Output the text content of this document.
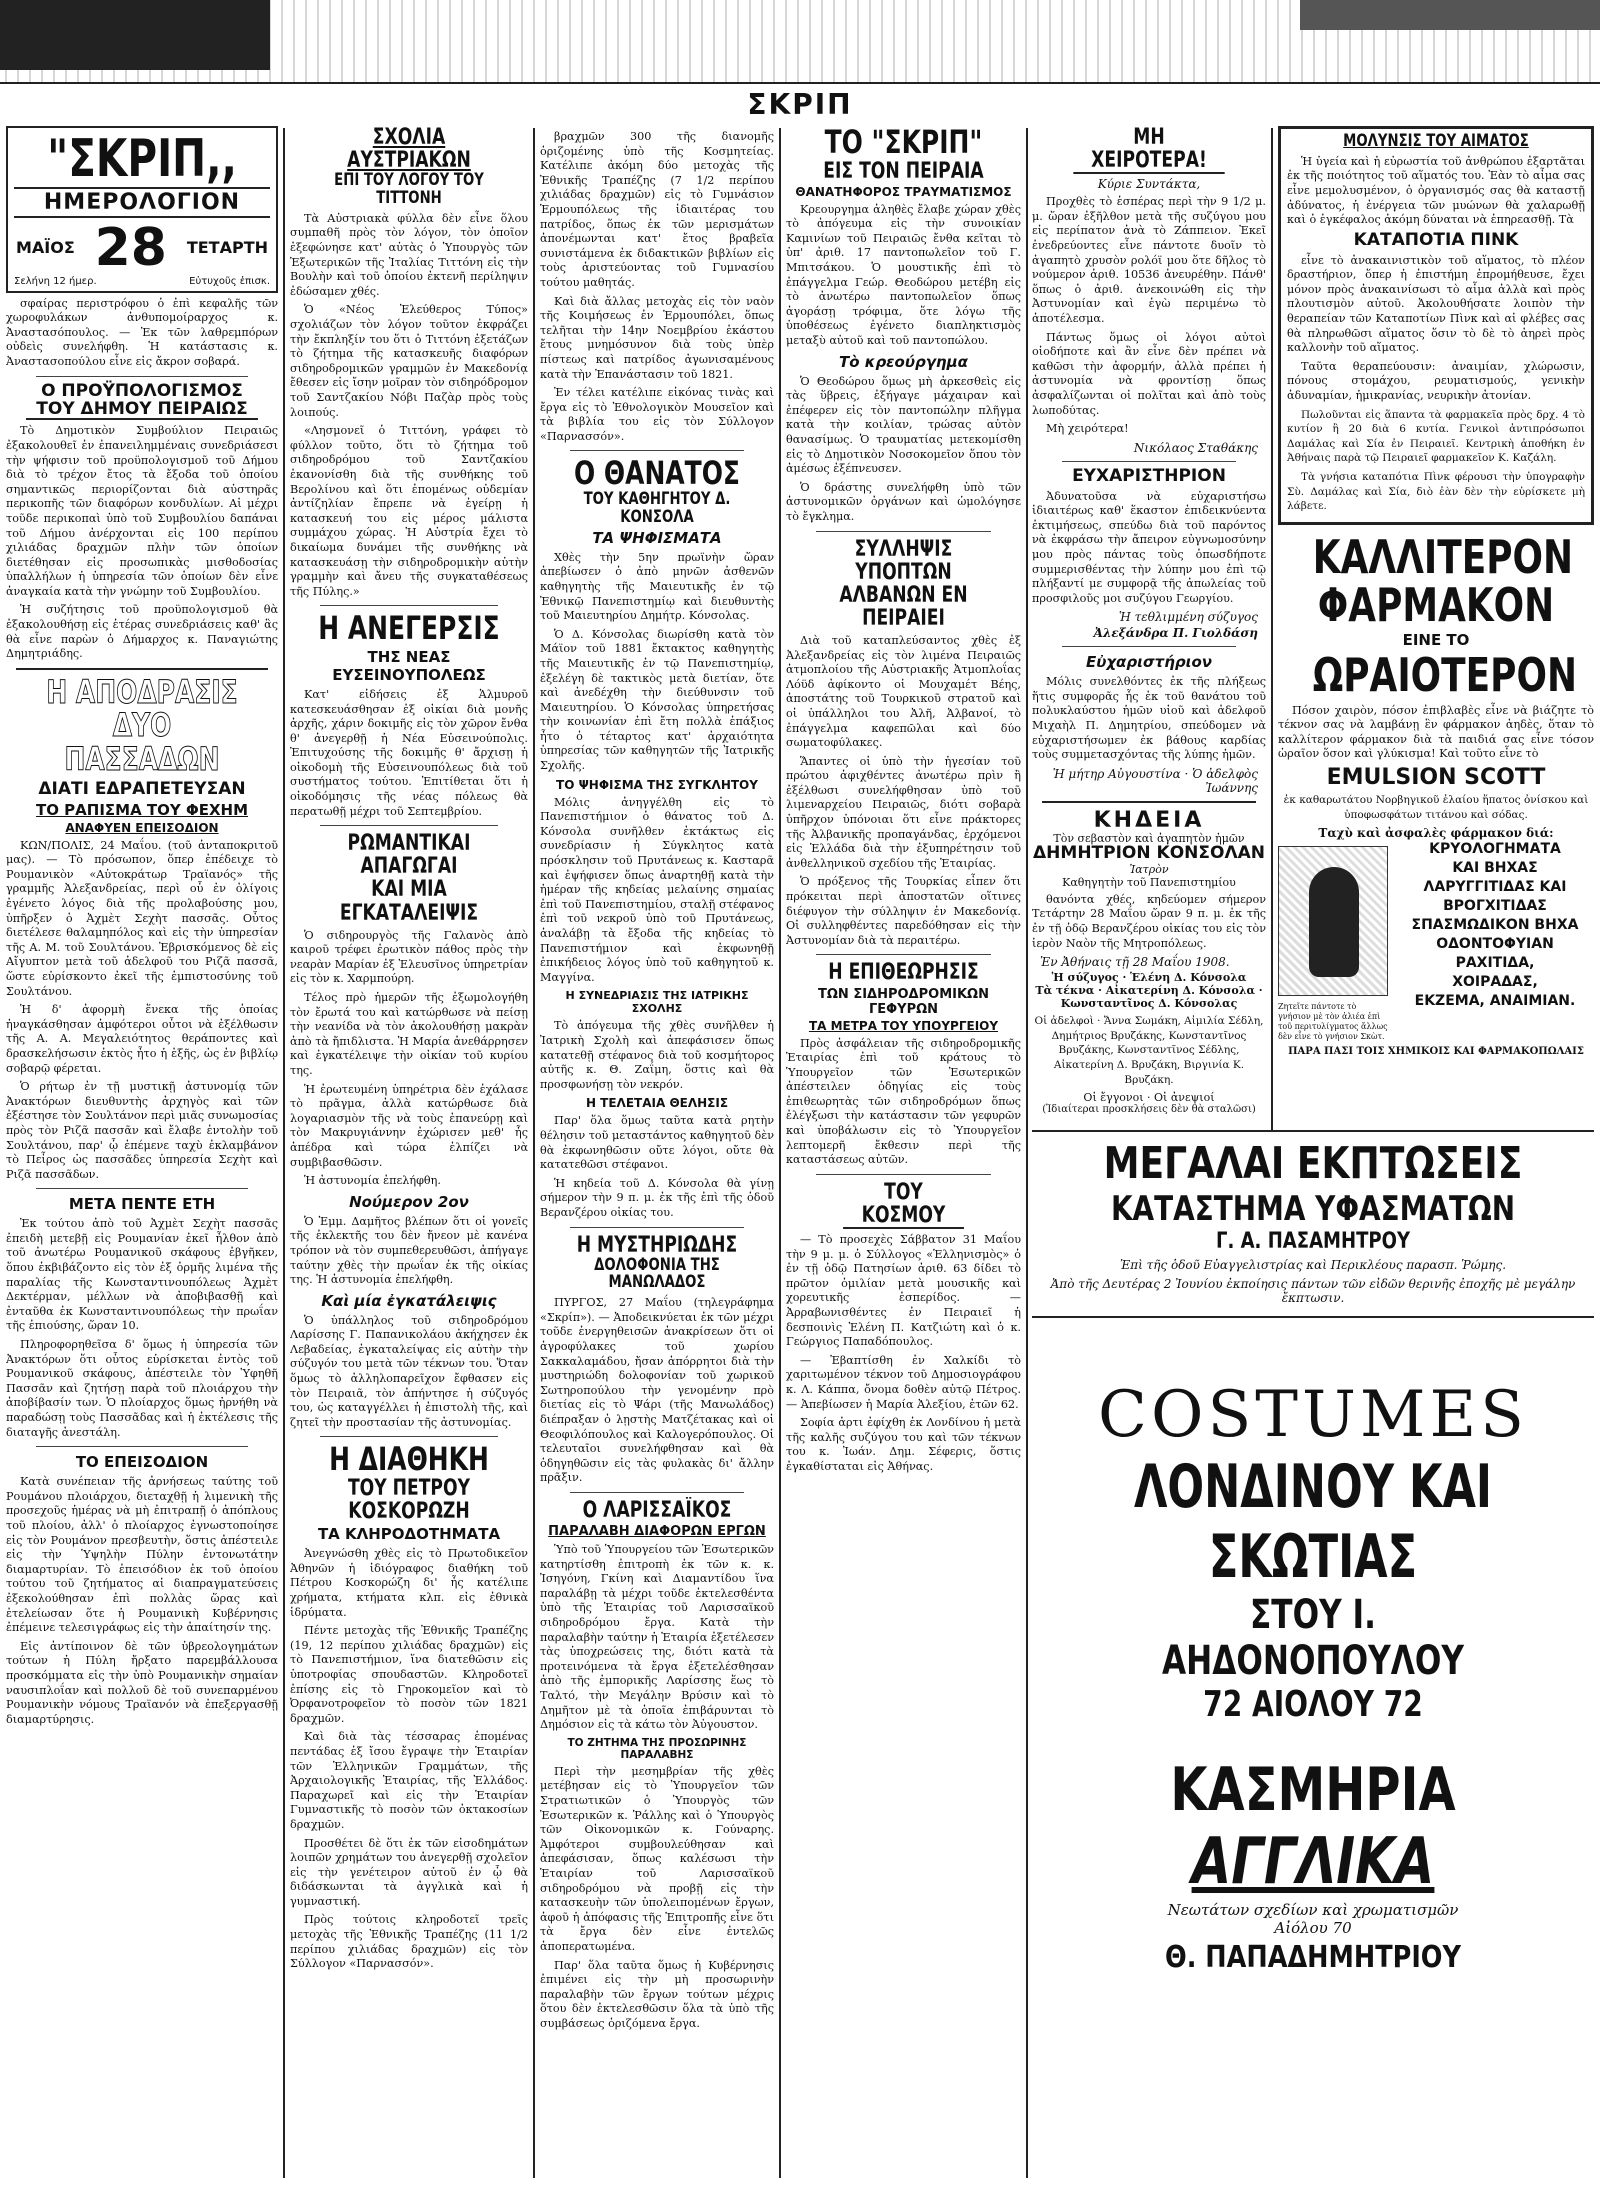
ΣΚΡΙΠ
"ΣΚΡΙΠ,,
ΗΜΕΡΟΛΟΓΙΟΝ
ΜΑΪΟΣ 28 ΤΕΤΑΡΤΗ
Σελήνη 12 ήμερ.	Εὐτυχοῦς ἐπισκ.

σφαίρας περιστρόφου ὁ ἐπὶ κεφαλῆς τῶν χωροφυλάκων ἀνθυπομοίραρχος κ. Ἀναστασόπουλος. — Ἐκ τῶν λαθρεμπόρων οὐδεὶς συνελήφθη. Ἡ κατάστασις κ. Ἀναστασοπούλου εἶνε εἰς ἄκρον σοβαρά.

Ο ΠΡΟΫΠΟΛΟΓΙΣΜΟΣ
ΤΟΥ ΔΗΜΟΥ ΠΕΙΡΑΙΩΣ

Τὸ Δημοτικὸν Συμβούλιον Πειραιῶς ἐξακολουθεῖ ἐν ἐπανειλημμέναις συνεδριάσεσι τὴν ψήφισιν τοῦ προϋπολογισμοῦ τοῦ Δήμου διὰ τὸ τρέχον ἔτος τὰ ἔξοδα τοῦ ὁποίου σημαντικῶς περιορίζονται διὰ αὐστηρᾶς περικοπῆς τῶν διαφόρων κονδυλίων. Αἱ μέχρι τοῦδε περικοπαὶ ὑπὸ τοῦ Συμβουλίου δαπάναι τοῦ Δήμου ἀνέρχονται εἰς 100 περίπου χιλιάδας δραχμῶν πλὴν τῶν ὁποίων διετέθησαν εἰς προσωπικὰς μισθοδοσίας ὑπαλλήλων ἡ ὑπηρεσία τῶν ὁποίων δὲν εἶνε ἀναγκαία κατὰ τὴν γνώμην τοῦ Συμβουλίου.

Ἡ συζήτησις τοῦ προϋπολογισμοῦ θὰ ἐξακολουθήσῃ εἰς ἑτέρας συνεδριάσεις καθ' ἃς θὰ εἶνε παρὼν ὁ Δήμαρχος κ. Παναγιώτης Δημητριάδης.

Η ΑΠΟΔΡΑΣΙΣ
ΔΥΟ ΠΑΣΣΑΔΩΝ
ΔΙΑΤΙ ΕΔΡΑΠΕΤΕΥΣΑΝ
ΤΟ ΡΑΠΙΣΜΑ ΤΟΥ ΦΕΧΗΜ
ΑΝΑΦΥΕΝ ΕΠΕΙΣΟΔΙΟΝ

ΚΩΝ/ΠΟΛΙΣ, 24 Μαΐου. (τοῦ ἀνταποκριτοῦ μας). — Τὸ πρόσωπον, ὅπερ ἐπέδειχε τὸ Ρουμανικὸν «Αὐτοκράτωρ Τραϊανός» τῆς γραμμῆς Ἀλεξανδρείας, περὶ οὗ ἐν ὀλίγοις ἐγένετο λόγος διὰ τῆς προλαβούσης μου, ὑπῆρξεν ὁ Ἀχμὲτ Σεχὴτ πασσᾶς. Οὗτος διετέλεσε θαλαμηπόλος καὶ εἰς τὴν ὑπηρεσίαν τῆς Α. Μ. τοῦ Σουλτάνου. Ἐβρισκόμενος δὲ εἰς Αἴγυπτον μετὰ τοῦ ἀδελφοῦ του Ριζᾶ πασσᾶ, ὥστε εὑρίσκοντο ἐκεῖ τῆς ἐμπιστοσύνης τοῦ Σουλτάνου.

Ἡ δ' ἀφορμὴ ἕνεκα τῆς ὁποίας ἠναγκάσθησαν ἀμφότεροι οὗτοι νὰ ἐξέλθωσιν τῆς Α. Α. Μεγαλειότητος θεράποντες καὶ δρασκελήσωσιν ἐκτὸς ἦτο ἡ ἑξῆς, ὡς ἐν βιβλίῳ σοβαρῷ φέρεται.

Ὁ ρήτωρ ἐν τῇ μυστικῇ ἀστυνομίᾳ τῶν Ἀνακτόρων διευθυντὴς ἀρχηγὸς καὶ τῶν ἐξέστησε τὸν Σουλτάνον περὶ μιᾶς συνωμοσίας πρὸς τὸν Ριζᾶ πασσᾶν καὶ ἔλαβε ἐντολὴν τοῦ Σουλτάνου, παρ' ᾧ ἐπέμενε ταχὺ ἐκλαμβάνον τὸ Πεἶρος ὡς πασσᾶδες ὑπηρεσία Σεχὴτ καὶ Ριζᾶ πασσᾶδων.

ΜΕΤΑ ΠΕΝΤΕ ΕΤΗ

Ἐκ τούτου ἀπὸ τοῦ Ἀχμὲτ Σεχὴτ πασσᾶς ἐπειδὴ μετεβῇ εἰς Ρουμανίαν ἐκεῖ ἦλθον ἀπὸ τοῦ ἀνωτέρω Ρουμανικοῦ σκάφους ἐβγῆκεν, ὅπου ἐκβιβάζοντο εἰς τὸν ἐξ ὁρμῆς λιμένα τῆς παραλίας τῆς Κωνσταντινουπόλεως Ἀχμὲτ Δεκτέρμαν, μέλλων νὰ ἀποβιβασθῇ καὶ ἐνταῦθα ἐκ Κωνσταντινουπόλεως τὴν πρωΐαν τῆς ἐπιούσης, ὥραν 10.

Πληροφορηθεῖσα δ' ὅμως ἡ ὑπηρεσία τῶν Ἀνακτόρων ὅτι οὗτος εὑρίσκεται ἐντὸς τοῦ Ρουμανικοῦ σκάφους, ἀπέστειλε τὸν Ὑφηθῆ Πασσᾶν καὶ ζητήσῃ παρὰ τοῦ πλοιάρχου τὴν ἀποβίβασίν των. Ὁ πλοίαρχος ὅμως ἠρνήθη νὰ παραδώσῃ τοὺς Πασσᾶδας καὶ ἡ ἐκτέλεσις τῆς διαταγῆς ἀνεστάλη.

ΤΟ ΕΠΕΙΣΟΔΙΟΝ

Κατὰ συνέπειαν τῆς ἀρνήσεως ταύτης τοῦ Ρουμάνου πλοιάρχου, διεταχθῇ ἡ λιμενικὴ τῆς προσεχοῦς ἡμέρας νὰ μὴ ἐπιτραπῇ ὁ ἀπόπλους τοῦ πλοίου, ἀλλ' ὁ πλοίαρχος ἐγνωστοποίησε εἰς τὸν Ρουμάνον πρεσβευτὴν, ὅστις ἀπέστειλε εἰς τὴν Ὑψηλὴν Πύλην ἐντονωτάτην διαμαρτυρίαν. Τὸ ἐπεισόδιον ἐκ τοῦ ὁποίου τούτου τοῦ ζητήματος αἱ διαπραγματεύσεις ἐξεκολούθησαν ἐπὶ πολλὰς ὥρας καὶ ἐτελείωσαν ὅτε ἡ Ρουμανικὴ Κυβέρνησις ἐπέμεινε τελεσιγράφως εἰς τὴν ἀπαίτησίν της.

Εἰς ἀντίποινον δὲ τῶν ὑβρεολογημάτων τούτων ἡ Πύλη ἤρξατο παρεμβάλλουσα προσκόμματα εἰς τὴν ὑπὸ Ρουμανικὴν σημαίαν ναυσιπλοΐαν καὶ πολλοῦ δὲ τοῦ συνεπαρμένου Ρουμανικὴν νόμους Τραϊανόν νὰ ἐπεξεργασθῇ διαμαρτύρησις.

ΣΧΟΛΙΑ ΑΥΣΤΡΙΑΚΩΝ
ΕΠΙ ΤΟΥ ΛΟΓΟΥ ΤΟΥ ΤΙΤΤΟΝΗ

Τὰ Αὐστριακὰ φύλλα δὲν εἶνε ὅλου συμπαθῆ πρὸς τὸν λόγον, τὸν ὁποῖον ἐξεφώνησε κατ' αὐτὰς ὁ Ὑπουργὸς τῶν Ἐξωτερικῶν τῆς Ἰταλίας Τιττόνη εἰς τὴν Βουλὴν καὶ τοῦ ὁποίου ἐκτενῆ περίληψιν ἐδώσαμεν χθές.

Ὁ «Νέος Ἐλεύθερος Τύπος» σχολιάζων τὸν λόγον τοῦτον ἐκφράζει τὴν ἔκπληξίν του ὅτι ὁ Τιττόνη ἐξετάζων τὸ ζήτημα τῆς κατασκευῆς διαφόρων σιδηροδρομικῶν γραμμῶν ἐν Μακεδονίᾳ ἔθεσεν εἰς ἴσην μοῖραν τὸν σιδηρόδρομον τοῦ Σαντζακίου Νόβι Παζὰρ πρὸς τοὺς λοιπούς.

«Λησμονεῖ ὁ Τιττόνη, γράφει τὸ φύλλον τοῦτο, ὅτι τὸ ζήτημα τοῦ σιδηροδρόμου τοῦ Σαντζακίου ἐκανονίσθη διὰ τῆς συνθήκης τοῦ Βερολίνου καὶ ὅτι ἐπομένως οὐδεμίαν ἀντίζηλίαν ἔπρεπε νὰ ἐγείρῃ ἡ κατασκευή του εἰς μέρος μάλιστα συμμάχου χώρας. Ἡ Αὐστρία ἔχει τὸ δικαίωμα δυνάμει τῆς συνθήκης νὰ κατασκευάσῃ τὴν σιδηροδρομικὴν αὐτὴν γραμμὴν καὶ ἄνευ τῆς συγκαταθέσεως τῆς Πύλης.»

Η ΑΝΕΓΕΡΣΙΣ
ΤΗΣ ΝΕΑΣ ΕΥΣΕΙΝΟΥΠΟΛΕΩΣ

Κατ' εἰδήσεις ἐξ Ἁλμυροῦ κατεσκευάσθησαν ἐξ οἰκίαι διὰ μονῆς ἀρχῆς, χάριν δοκιμῆς εἰς τὸν χῶρον ἔνθα θ' ἀνεγερθῇ ἡ Νέα Εὐσεινούπολις. Ἐπιτυχούσης τῆς δοκιμῆς θ' ἄρχισῃ ἡ οἰκοδομὴ τῆς Εὐσεινουπόλεως διὰ τοῦ συστήματος τούτου. Ἐπιτίθεται ὅτι ἡ οἰκοδόμησις τῆς νέας πόλεως θὰ περατωθῇ μέχρι τοῦ Σεπτεμβρίου.

ΡΩΜΑΝΤΙΚΑΙ ΑΠΑΓΩΓΑΙ
ΚΑΙ ΜΙΑ ΕΓΚΑΤΑΛΕΙΨΙΣ

Ὁ σιδηρουργὸς τῆς Γαλανὸς ἀπὸ καιροῦ τρέφει ἐρωτικὸν πάθος πρὸς τὴν νεαρὰν Μαρίαν ἐξ Ἐλευσῖνος ὑπηρετρίαν εἰς τὸν κ. Χαρμπούρη.

Τέλος πρὸ ἡμερῶν τῆς ἐξωμολογήθη τὸν ἔρωτά του καὶ κατώρθωσε νὰ πείσῃ τὴν νεανίδα νὰ τὸν ἀκολουθήσῃ μακρὰν ἀπὸ τὰ ἤπιδλιστα. Ἡ Μαρία ἀνεθάρρησεν καὶ ἐγκατέλειψε τὴν οἰκίαν τοῦ κυρίου της.

Ἡ ἐρωτευμένη ὑπηρέτρια δὲν ἐχάλασε τὸ πρᾶγμα, ἀλλὰ κατώρθωσε διὰ λογαριασμὸν τῆς νὰ τοὺς ἐπανεύρῃ καὶ τὸν Μακρυγιάννην ἐχώρισεν μεθ' ἧς ἀπέδρα καὶ τώρα ἐλπίζει νὰ συμβιβασθῶσιν.

Ἡ ἀστυνομία ἐπελήφθη.

Νούμερον 2ον

Ὁ Ἐμμ. Δαμῆτος βλέπων ὅτι οἱ γονεῖς τῆς ἐκλεκτῆς του δὲν ἤνεον μὲ κανένα τρόπον νὰ τὸν συμπεθερευθῶσι, ἀπήγαγε ταύτην χθὲς τὴν πρωΐαν ἐκ τῆς οἰκίας της. Ἡ ἀστυνομία ἐπελήφθη.

Καὶ μία ἐγκατάλειψις

Ὁ ὑπάλληλος τοῦ σιδηροδρόμου Λαρίσσης Γ. Παπανικολάου ἀκήχησεν ἐκ Λεβαδείας, ἐγκαταλείψας εἰς αὐτὴν τὴν σύζυγόν του μετὰ τῶν τέκνων του. Ὅταν ὅμως τὸ ἀλληλοπαρεῖχον ἔφθασεν εἰς τὸν Πειραιᾶ, τὸν ἀπήντησε ἡ σύζυγός του, ὡς καταγγέλλει ἡ ἐπιστολὴ τῆς, καὶ ζητεῖ τὴν προστασίαν τῆς ἀστυνομίας.

Η ΔΙΑΘΗΚΗ
ΤΟΥ ΠΕΤΡΟΥ ΚΟΣΚΟΡΩΖΗ
ΤΑ ΚΛΗΡΟΔΟΤΗΜΑΤΑ

Ἀνεγνώσθη χθὲς εἰς τὸ Πρωτοδικεῖον Ἀθηνῶν ἡ ἰδιόγραφος διαθήκη τοῦ Πέτρου Κοσκορώζη δι' ἧς κατέλιπε χρήματα, κτήματα κλπ. εἰς ἐθνικὰ ἱδρύματα.

Πέντε μετοχὰς τῆς Ἐθνικῆς Τραπέζης (19, 12 περίπου χιλιάδας δραχμῶν) εἰς τὸ Πανεπιστήμιον, ἵνα διατεθῶσιν εἰς ὑποτροφίας σπουδαστῶν. Κληροδοτεῖ ἐπίσης εἰς τὸ Γηροκομεῖον καὶ τὸ Ὀρφανοτροφεῖον τὸ ποσὸν τῶν 1821 δραχμῶν.

Καὶ διὰ τὰς τέσσαρας ἑπομένας πεντάδας ἐξ ἴσου ἔγραψε τὴν Ἑταιρίαν τῶν Ἑλληνικῶν Γραμμάτων, τῆς Ἀρχαιολογικῆς Ἑταιρίας, τῆς Ἑλλάδος. Παραχωρεῖ καὶ εἰς τὴν Ἑταιρίαν Γυμναστικῆς τὸ ποσὸν τῶν ὀκτακοσίων δραχμῶν.

Προσθέτει δὲ ὅτι ἐκ τῶν εἰσοδημάτων λοιπῶν χρημάτων του ἀνεγερθῇ σχολεῖον εἰς τὴν γενέτειρον αὐτοῦ ἐν ᾧ θὰ διδάσκωνται τὰ ἀγγλικὰ καὶ ἡ γυμναστική.

Πρὸς τούτοις κληροδοτεῖ τρεῖς μετοχὰς τῆς Ἐθνικῆς Τραπέζης (11 1/2 περίπου χιλιάδας δραχμῶν) εἰς τὸν Σύλλογον «Παρνασσόν».

βραχμῶν 300 τῆς διανομῆς ὁριζομένης ὑπὸ τῆς Κοσμητείας. Κατέλιπε ἀκόμη δύο μετοχὰς τῆς Ἐθνικῆς Τραπέζης (7 1/2 περίπου χιλιάδας δραχμῶν) εἰς τὸ Γυμνάσιον Ἑρμουπόλεως τῆς ἰδιαιτέρας του πατρίδος, ὅπως ἐκ τῶν μερισμάτων ἀπονέμωνται κατ' ἔτος βραβεῖα συνιστάμενα ἐκ διδακτικῶν βιβλίων εἰς τοὺς ἀριστεύοντας τοῦ Γυμνασίου τούτου μαθητάς.

Καὶ διὰ ἄλλας μετοχὰς εἰς τὸν ναὸν τῆς Κοιμήσεως ἐν Ἑρμουπόλει, ὅπως τελῆται τὴν 14ην Νοεμβρίου ἑκάστου ἔτους μνημόσυνον διὰ τοὺς ὑπὲρ πίστεως καὶ πατρίδος ἀγωνισαμένους κατὰ τὴν Ἐπανάστασιν τοῦ 1821.

Ἐν τέλει κατέλιπε εἰκόνας τινὰς καὶ ἔργα εἰς τὸ Ἐθνολογικὸν Μουσεῖον καὶ τὰ βιβλία του εἰς τὸν Σύλλογον «Παρνασσόν».

Ο ΘΑΝΑΤΟΣ
ΤΟΥ ΚΑΘΗΓΗΤΟΥ Δ. ΚΟΝΣΟΛΑ
ΤΑ ΨΗΦΙΣΜΑΤΑ

Χθὲς τὴν 5ην πρωϊνὴν ὥραν ἀπεβίωσεν ὁ ἀπὸ μηνῶν ἀσθενῶν καθηγητὴς τῆς Μαιευτικῆς ἐν τῷ Ἐθνικῷ Πανεπιστημίῳ καὶ διευθυντὴς τοῦ Μαιευτηρίου Δημήτρ. Κόνσολας.

Ὁ Δ. Κόνσολας διωρίσθη κατὰ τὸν Μάϊον τοῦ 1881 ἔκτακτος καθηγητὴς τῆς Μαιευτικῆς ἐν τῷ Πανεπιστημίῳ, ἐξελέγη δὲ τακτικὸς μετὰ διετίαν, ὅτε καὶ ἀνεδέχθη τὴν διεύθυνσιν τοῦ Μαιευτηρίου. Ὁ Κόνσολας ὑπηρετήσας τὴν κοινωνίαν ἐπὶ ἔτη πολλὰ ἐπάξιος ἦτο ὁ τέταρτος κατ' ἀρχαιότητα ὑπηρεσίας τῶν καθηγητῶν τῆς Ἰατρικῆς Σχολῆς.

ΤΟ ΨΗΦΙΣΜΑ ΤΗΣ ΣΥΓΚΛΗΤΟΥ

Μόλις ἀνηγγέλθη εἰς τὸ Πανεπιστήμιον ὁ θάνατος τοῦ Δ. Κόνσολα συνῆλθεν ἐκτάκτως εἰς συνεδρίασιν ἡ Σύγκλητος κατὰ πρόσκλησιν τοῦ Πρυτάνεως κ. Κασταρᾶ καὶ ἐψήφισεν ὅπως ἀναρτηθῇ κατὰ τὴν ἡμέραν τῆς κηδείας μελαίνης σημαίας ἐπὶ τοῦ Πανεπιστημίου, σταλῇ στέφανος ἐπὶ τοῦ νεκροῦ ὑπὸ τοῦ Πρυτάνεως, ἀναλάβῃ τὰ ἔξοδα τῆς κηδείας τὸ Πανεπιστήμιον καὶ ἐκφωνηθῇ ἐπικήδειος λόγος ὑπὸ τοῦ καθηγητοῦ κ. Μαγγίνα.

Η ΣΥΝΕΔΡΙΑΣΙΣ ΤΗΣ ΙΑΤΡΙΚΗΣ ΣΧΟΛΗΣ

Τὸ ἀπόγευμα τῆς χθὲς συνῆλθεν ἡ Ἰατρικὴ Σχολὴ καὶ ἀπεφάσισεν ὅπως κατατεθῇ στέφανος διὰ τοῦ κοσμήτορος αὐτῆς κ. Θ. Ζαΐμη, ὅστις καὶ θὰ προσφωνήσῃ τὸν νεκρόν.

Η ΤΕΛΕΤΑΙΑ ΘΕΛΗΣΙΣ

Παρ' ὅλα ὅμως ταῦτα κατὰ ρητὴν θέλησιν τοῦ μεταστάντος καθηγητοῦ δὲν θὰ ἐκφωνηθῶσιν οὔτε λόγοι, οὔτε θὰ κατατεθῶσι στέφανοι.

Ἡ κηδεία τοῦ Δ. Κόνσολα θὰ γίνῃ σήμερον τὴν 9 π. μ. ἐκ τῆς ἐπὶ τῆς ὁδοῦ Βερανζέρου οἰκίας του.

Η ΜΥΣΤΗΡΙΩΔΗΣ
ΔΟΛΟΦΟΝΙΑ ΤΗΣ ΜΑΝΩΛΑΔΟΣ

ΠΥΡΓΟΣ, 27 Μαΐου (τηλεγράφημα «Σκρίπ»). — Ἀποδεικνύεται ἐκ τῶν μέχρι τοῦδε ἐνεργηθεισῶν ἀνακρίσεων ὅτι οἱ ἀγροφύλακες τοῦ χωρίου Σακκαλαμάδου, ἤσαν ἀπόρρητοι διὰ τὴν μυστηριώδη δολοφονίαν τοῦ χωρικοῦ Σωτηροπούλου τὴν γενομένην πρὸ διετίας εἰς τὸ Ψάρι (τῆς Μανωλάδος) διέπραξαν ὁ λῃστὴς Ματζέτακας καὶ οἱ Θεοφιλόπουλος καὶ Καλογερόπουλος. Οἱ τελευταῖοι συνελήφθησαν καὶ θὰ ὁδηγηθῶσιν εἰς τὰς φυλακὰς δι' ἄλλην πρᾶξιν.

Ο ΛΑΡΙΣΣΑΪΚΟΣ
ΠΑΡΑΛΑΒΗ ΔΙΑΦΟΡΩΝ ΕΡΓΩΝ

Ὑπὸ τοῦ Ὑπουργείου τῶν Ἐσωτερικῶν κατηρτίσθη ἐπιτροπὴ ἐκ τῶν κ. κ. Ἰσηγόνη, Γκίνη καὶ Διαμαντίδου ἵνα παραλάβῃ τὰ μέχρι τοῦδε ἐκτελεσθέντα ὑπὸ τῆς Ἑταιρίας τοῦ Λαρισσαϊκοῦ σιδηροδρόμου ἔργα. Κατὰ τὴν παραλαβὴν ταύτην ἡ Ἑταιρία ἐξετέλεσεν τὰς ὑποχρεώσεις της, διότι κατὰ τὰ προτεινόμενα τὰ ἔργα ἐξετελέσθησαν ἀπὸ τῆς ἐμπορικῆς Λαρίσσης ἕως τὸ Ταλτό, τὴν Μεγάλην Βρύσιν καὶ τὸ Δημῆτον μὲ τὰ ὁποῖα ἐπιβάρυνται τὸ Δημόσιον εἰς τὰ κάτω τὸν Ἀὐγουστον.

ΤΟ ΖΗΤΗΜΑ ΤΗΣ ΠΡΟΣΩΡΙΝΗΣ ΠΑΡΑΛΑΒΗΣ

Περὶ τὴν μεσημβρίαν τῆς χθὲς μετέβησαν εἰς τὸ Ὑπουργεῖον τῶν Στρατιωτικῶν ὁ Ὑπουργὸς τῶν Ἐσωτερικῶν κ. Ῥάλλης καὶ ὁ Ὑπουργὸς τῶν Οἰκονομικῶν κ. Γούναρης. Ἀμφότεροι συμβουλεύθησαν καὶ ἀπεφάσισαν, ὅπως καλέσωσι τὴν Ἑταιρίαν τοῦ Λαρισσαϊκοῦ σιδηροδρόμου νὰ προβῇ εἰς τὴν κατασκευὴν τῶν ὑπολειπομένων ἔργων, ἀφοῦ ἡ ἀπόφασις τῆς Ἐπιτροπῆς εἶνε ὅτι τὰ ἔργα δὲν εἶνε ἐντελῶς ἀποπερατωμένα.

Παρ' ὅλα ταῦτα ὅμως ἡ Κυβέρνησις ἐπιμένει εἰς τὴν μὴ προσωρινὴν παραλαβὴν τῶν ἔργων τούτων μέχρις ὅτου δὲν ἐκτελεσθῶσιν ὅλα τὰ ὑπὸ τῆς συμβάσεως ὁριζόμενα ἔργα.

ΤΟ "ΣΚΡΙΠ"
ΕΙΣ ΤΟΝ ΠΕΙΡΑΙΑ
ΘΑΝΑΤΗΦΟΡΟΣ ΤΡΑΥΜΑΤΙΣΜΟΣ

Κρεουργημα ἀληθὲς ἔλαβε χώραν χθὲς τὸ ἀπόγευμα εἰς τὴν συνοικίαν Καμινίων τοῦ Πειραιῶς ἔνθα κεῖται τὸ ὑπ' ἀριθ. 17 παντοπωλεῖον τοῦ Γ. Μπιτσάκου. Ὁ μουστικῆς ἐπὶ τὸ ἐπάγγελμα Γεώρ. Θεοδώρου μετέβη εἰς τὸ ἀνωτέρω παντοπωλεῖον ὅπως ἀγοράσῃ τρόφιμα, ὅτε λόγω τῆς ὑποθέσεως ἐγένετο διαπληκτισμὸς μεταξὺ αὐτοῦ καὶ τοῦ παντοπώλου.

Τὸ κρεούργημα

Ὁ Θεοδώρου ὅμως μὴ ἀρκεσθεὶς εἰς τὰς ὕβρεις, ἐξήγαγε μάχαιραν καὶ ἐπέφερεν εἰς τὸν παντοπώλην πλῆγμα κατὰ τὴν κοιλίαν, τρώσας αὐτὸν θανασίμως. Ὁ τραυματίας μετεκομίσθη εἰς τὸ Δημοτικὸν Νοσοκομεῖον ὅπου τὸν ἀμέσως ἐξέπνευσεν.

Ὁ δράστης συνελήφθη ὑπὸ τῶν ἀστυνομικῶν ὀργάνων καὶ ὡμολόγησε τὸ ἔγκλημα.

ΣΥΛΛΗΨΙΣ ΥΠΟΠΤΩΝ
ΑΛΒΑΝΩΝ ΕΝ ΠΕΙΡΑΙΕΙ

Διὰ τοῦ καταπλεύσαντος χθὲς ἐξ Ἀλεξανδρείας εἰς τὸν λιμένα Πειραιῶς ἀτμοπλοίου τῆς Αὐστριακῆς Ἀτμοπλοΐας Λόϋδ ἀφίκοντο οἱ Μουχαμέτ Βέης, ἀποστάτης τοῦ Τουρκικοῦ στρατοῦ καὶ οἱ ὑπάλληλοι του Ἀλῆ, Ἀλβανοί, τὸ ἐπάγγελμα καφεπῶλαι καὶ δύο σωματοφύλακες.

Ἅπαντες οἱ ὑπὸ τὴν ἡγεσίαν τοῦ πρώτου ἀφιχθέντες ἀνωτέρω πρὶν ἢ ἐξέλθωσι συνελήφθησαν ὑπὸ τοῦ λιμεναρχείου Πειραιῶς, διότι σοβαρὰ ὑπῆρχον ὑπόνοιαι ὅτι εἶνε πράκτορες τῆς Ἀλβανικῆς προπαγάνδας, ἐρχόμενοι εἰς Ἑλλάδα διὰ τὴν ἐξυπηρέτησιν τοῦ ἀνθελληνικοῦ σχεδίου τῆς Ἑταιρίας.

Ὁ πρόξενος τῆς Τουρκίας εἶπεν ὅτι πρόκειται περὶ ἀποστατῶν οἵτινες διέφυγον τὴν σύλληψιν ἐν Μακεδονίᾳ. Οἱ συλληφθέντες παρεδόθησαν εἰς τὴν Ἀστυνομίαν διὰ τὰ περαιτέρω.

Η ΕΠΙΘΕΩΡΗΣΙΣ
ΤΩΝ ΣΙΔΗΡΟΔΡΟΜΙΚΩΝ ΓΕΦΥΡΩΝ
ΤΑ ΜΕΤΡΑ ΤΟΥ ΥΠΟΥΡΓΕΙΟΥ

Πρὸς ἀσφάλειαν τῆς σιδηροδρομικῆς Ἐταιρίας ἐπὶ τοῦ κράτους τὸ Ὑπουργεῖον τῶν Ἐσωτερικῶν ἀπέστειλεν ὁδηγίας εἰς τοὺς ἐπιθεωρητὰς τῶν σιδηροδρόμων ὅπως ἐλέγξωσι τὴν κατάστασιν τῶν γεφυρῶν καὶ ὑποβάλωσιν εἰς τὸ Ὑπουργεῖον λεπτομερῆ ἔκθεσιν περὶ τῆς καταστάσεως αὐτῶν.

ΤΟΥ ΚΟΣΜΟΥ

— Τὸ προσεχὲς Σάββατον 31 Μαΐου τὴν 9 μ. μ. ὁ Σύλλογος «Ἑλληνισμὸς» ὁ ἐν τῇ ὁδῷ Πατησίων ἀριθ. 63 δίδει τὸ πρῶτον ὁμιλίαν μετὰ μουσικῆς καὶ χορευτικῆς ἑσπερίδος. — Ἀρραβωνισθέντες ἐν Πειραιεῖ ἡ δεσποινὶς Ἑλένη Π. Κατζιώτη καὶ ὁ κ. Γεώργιος Παπαδόπουλος.

— Ἐβαπτίσθη ἐν Χαλκίδι τὸ χαριτωμένον τέκνον τοῦ Δημοσιογράφου κ. Λ. Κάππα, ὄνομα δοθὲν αὐτῷ Πέτρος. — Ἀπεβίωσεν ἡ Μαρία Ἀλεξίου, ἐτῶν 62.

Σοφία ἀρτι ἐφίχθη ἐκ Λονδίνου ἡ μετὰ τῆς καλῆς συζύγου του καὶ τῶν τέκνων του κ. Ἰωάν. Δημ. Σέφερις, ὅστις ἐγκαθίσταται εἰς Ἀθήνας.

ΜΗ ΧΕΙΡΟΤΕΡΑ!
Κύριε Συντάκτα,

Προχθὲς τὸ ἑσπέρας περὶ τὴν 9 1/2 μ. μ. ὥραν ἐξῆλθον μετὰ τῆς συζύγου μου εἰς περίπατον ἀνὰ τὸ Ζάππειον. Ἐκεῖ ἐνεδρεύοντες εἶνε πάντοτε δυοῖν τὸ ἀγαπητὸ χρυσὸν ρολόϊ μου ὅτε δῆλος τὸ νούμερον ἀριθ. 10536 ἀνευρέθην. Πάνθ' ὅπως ὁ ἀριθ. ἀνεκοινώθη εἰς τὴν Ἀστυνομίαν καὶ ἐγὼ περιμένω τὸ ἀποτέλεσμα.

Πάντως ὅμως οἱ λόγοι αὐτοὶ οἰοδήποτε καὶ ἂν εἶνε δὲν πρέπει νὰ καθῶσι τὴν ἀφορμήν, ἀλλὰ πρέπει ἡ ἀστυνομία νὰ φροντίσῃ ὅπως ἀσφαλίζωνται οἱ πολῖται καὶ ἀπὸ τοὺς λωποδύτας.

Μὴ χειρότερα!

Νικόλαος Σταθάκης
ΕΥΧΑΡΙΣΤΗΡΙΟΝ

Ἀδυνατοῦσα νὰ εὐχαριστήσω ἰδιαιτέρως καθ' ἕκαστον ἐπιδεικνύεντα ἐκτιμήσεως, σπεύδω διὰ τοῦ παρόντος νὰ ἐκφράσω τὴν ἄπειρον εὐγνωμοσύνην μου πρὸς πάντας τοὺς ὁπωσδήποτε συμμερισθέντας τὴν λύπην μου ἐπὶ τῷ πλήξαντί με συμφορᾷ τῆς ἀπωλείας τοῦ προσφιλοῦς μοι συζύγου Γεωργίου.

Ἡ τεθλιμμένη σύζυγος
Ἀλεξάνδρα Π. Γιολδάση
Εὐχαριστήριον

Μόλις συνελθόντες ἐκ τῆς πλήξεως ἥτις συμφορᾶς ἧς ἐκ τοῦ θανάτου τοῦ πολυκλαύστου ἡμῶν υἱοῦ καὶ ἀδελφοῦ Μιχαὴλ Π. Δημητρίου, σπεύδομεν νὰ εὐχαριστήσωμεν ἐκ βάθους καρδίας τοὺς συμμετασχόντας τῆς λύπης ἡμῶν.

Ἡ μήτηρ Αὐγουστίνα · Ὁ ἀδελφὸς Ἰωάννης
ΚΗΔΕΙΑ
Τὸν σεβαστὸν καὶ ἀγαπητὸν ἡμῶν
ΔΗΜΗΤΡΙΟΝ ΚΟΝΣΟΛΑΝ
Ἰατρὸν
Καθηγητὴν τοῦ Πανεπιστημίου

θανόντα χθές, κηδεύομεν σήμερον Τετάρτην 28 Μαΐου ὥραν 9 π. μ. ἐκ τῆς ἐν τῇ ὁδῷ Βερανζέρου οἰκίας του εἰς τὸν ἱερὸν Ναὸν τῆς Μητροπόλεως.

Ἐν Ἀθήναις τῇ 28 Μαΐου 1908.
Ἡ σύζυγος · Ἑλένη Δ. Κόνσολα
Τὰ τέκνα · Αἰκατερίνη Δ. Κόνσολα · Κωνσταντῖνος Δ. Κόνσολας

Οἱ ἀδελφοὶ · Ἄννα Σωμάκη, Αἰμιλία Σέδλη, Δημήτριος Βρυζάκης, Κωνσταντῖνος Βρυζάκης, Κωνσταντῖνος Σέδλης, Αἰκατερίνη Δ. Βρυζάκη, Βιργινία Κ. Βρυζάκη.

Οἱ ἔγγονοι · Οἱ ἀνεψιοί
(Ἰδιαίτεραι προσκλήσεις δὲν θὰ σταλῶσι)

ΜΟΛΥΝΣΙΣ ΤΟΥ ΑΙΜΑΤΟΣ

Ἡ ὑγεία καὶ ἡ εὐρωστία τοῦ ἀνθρώπου ἐξαρτᾶται ἐκ τῆς ποιότητος τοῦ αἵματός του. Ἐὰν τὸ αἷμα σας εἶνε μεμολυσμένον, ὁ ὀργανισμός σας θὰ καταστῇ ἀδύνατος, ἡ ἐνέργεια τῶν μυώνων θὰ χαλαρωθῇ καὶ ὁ ἐγκέφαλος ἀκόμη δύναται νὰ ἐπηρεασθῇ. Τὰ

ΚΑΤΑΠΟΤΙΑ ΠΙΝΚ

εἶνε τὸ ἀνακαινιστικὸν τοῦ αἵματος, τὸ πλέον δραστήριον, ὅπερ ἡ ἐπιστήμη ἐπρομήθευσε, ἔχει μόνον πρὸς ἀνακαινίσωσι τὸ αἷμα ἀλλὰ καὶ πρὸς πλουτισμὸν αὐτοῦ. Ἀκολουθήσατε λοιπὸν τὴν θεραπείαν τῶν Καταποτίων Πὶνκ καὶ αἱ φλέβες σας θὰ πληρωθῶσι αἵματος ὅσιν τὸ δὲ τὸ ἀηρεὶ πρὸς καλλονὴν τοῦ αἵματος.

Ταῦτα θεραπεύουσιν: ἀναιμίαν, χλώρωσιν, πόνους στομάχου, ρευματισμούς, γενικὴν ἀδυναμίαν, ἡμικρανίας, νευρικὴν ἀτονίαν.

Πωλοῦνται εἰς ἅπαντα τὰ φαρμακεῖα πρὸς δρχ. 4 τὸ κυτίον ἢ 20 διὰ 6 κυτία. Γενικοὶ ἀντιπρόσωποι Δαμάλας καὶ Σία ἐν Πειραιεῖ. Κεντρικὴ ἀποθήκη ἐν Ἀθήναις παρὰ τῷ Πειραιεῖ φαρμακεῖον Κ. Καζάλη.

Τὰ γνήσια καταπότια Πὶνκ φέρουσι τὴν ὑπογραφὴν Σὺ. Δαμάλας καὶ Σία, διὸ ἐὰν δὲν τὴν εὑρίσκετε μὴ λάβετε.

ΚΑΛΛΙΤΕΡΟΝ
ΦΑΡΜΑΚΟΝ
ΕΙΝΕ ΤΟ
ΩΡΑΙΟΤΕΡΟΝ

Πόσον χαιρὸν, πόσον ἐπιβλαβὲς εἶνε νὰ βιάζητε τὸ τέκνον σας νὰ λαμβάνῃ ἓν φάρμακον ἀηδὲς, ὅταν τὸ καλλίτερον φάρμακον διὰ τὰ παιδιά σας εἶνε τόσον ὡραῖον ὅσον καὶ γλύκισμα! Καὶ τοῦτο εἶνε τὸ

EMULSION SCOTT

ἐκ καθαρωτάτου Νορβηγικοῦ ἐλαίου ἥπατος ὀνίσκου καὶ ὑποφωσφάτων τιτάνου καὶ σόδας.

Ταχὺ καὶ ἀσφαλὲς φάρμακον διά:
Ζητεῖτε πάντοτε τὸ γνήσιον μὲ τὸν ἁλιέα ἐπὶ τοῦ περιτυλίγματος ἄλλως δὲν εἶνε τὸ γνήσιον Σκὼτ.
ΚΡΥΟΛΟΓΗΜΑΤΑ
ΚΑΙ ΒΗΧΑΣ
ΛΑΡΥΓΓΙΤΙΔΑΣ ΚΑΙ
ΒΡΟΓΧΙΤΙΔΑΣ
ΣΠΑΣΜΩΔΙΚΟΝ ΒΗΧΑ
ΟΔΟΝΤΟΦΥΙΑΝ
ΡΑΧΙΤΙΔΑ,
ΧΟΙΡΑΔΑΣ,
ΕΚΖΕΜΑ, ΑΝΑΙΜΙΑΝ.
ΠΑΡΑ ΠΑΣΙ ΤΟΙΣ ΧΗΜΙΚΟΙΣ ΚΑΙ ΦΑΡΜΑΚΟΠΩΛΑΙΣ
ΜΕΓΑΛΑΙ ΕΚΠΤΩΣΕΙΣ
ΚΑΤΑΣΤΗΜΑ ΥΦΑΣΜΑΤΩΝ
Γ. Α. ΠΑΣΑΜΗΤΡΟΥ

Ἐπὶ τῆς ὁδοῦ Εὐαγγελιστρίας καὶ Περικλέους παρασπ. Ῥώμης.

Ἀπὸ τῆς Δευτέρας 2 Ἰουνίου ἐκποίησις πάντων τῶν εἰδῶν θερινῆς ἐποχῆς μὲ μεγάλην ἔκπτωσιν.

COSTUMES
ΛΟΝΔΙΝΟΥ ΚΑΙ ΣΚΩΤΙΑΣ
ΣΤΟΥ Ι. ΑΗΔΟΝΟΠΟΥΛΟΥ
72 ΑΙΟΛΟΥ 72
ΚΑΣΜΗΡΙΑ
ΑΓΓΛΙΚΑ

Νεωτάτων σχεδίων καὶ χρωματισμῶν

Αἰόλου 70

Θ. ΠΑΠΑΔΗΜΗΤΡΙΟΥ
